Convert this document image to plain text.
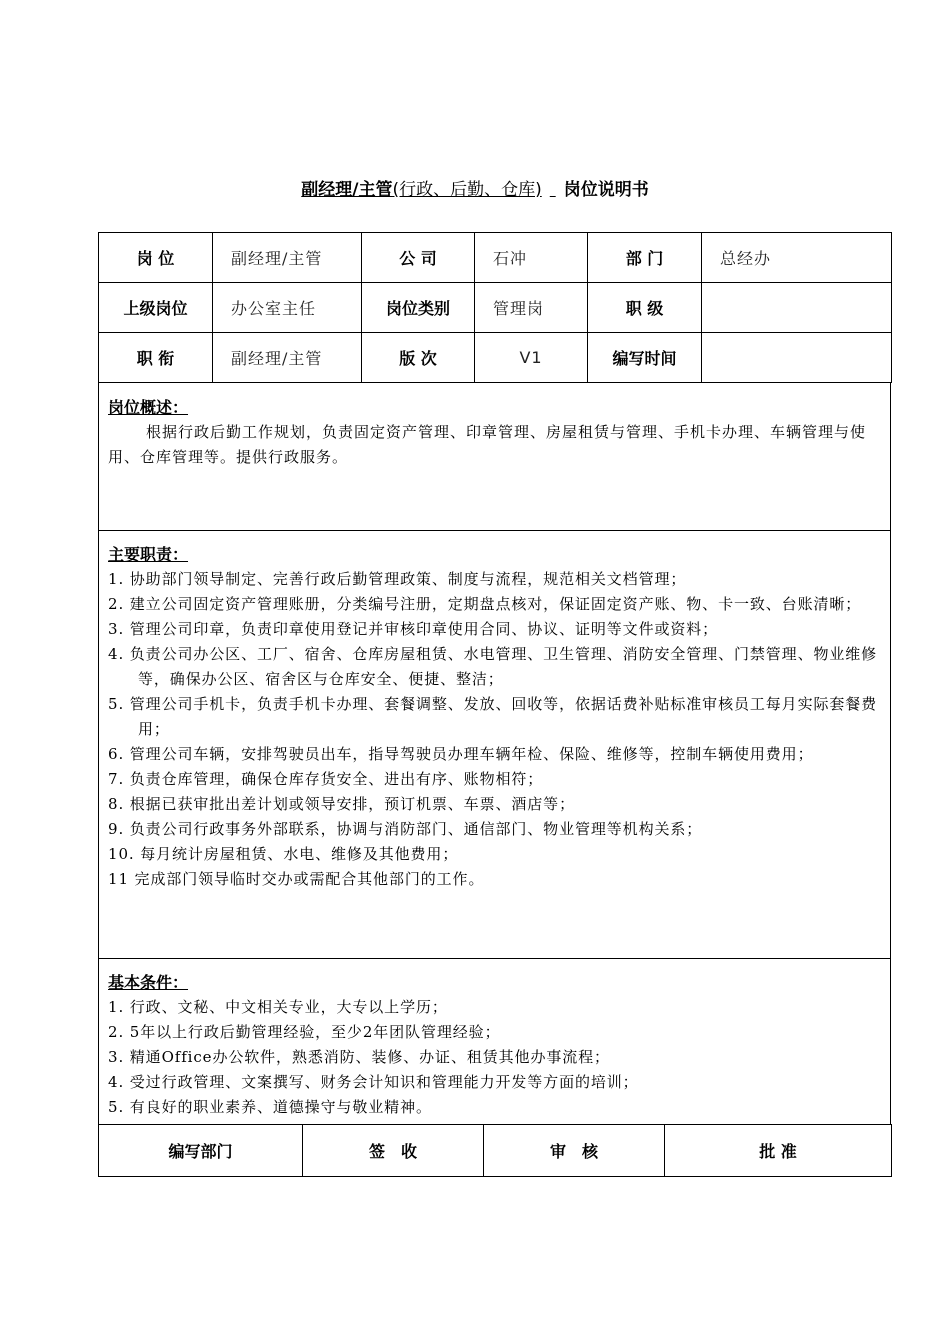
副经理/主管(行政、后勤、仓库) 岗位说明书
岗 位	副经理/主管	公 司	石冲	部 门	总经办
上级岗位	办公室主任	岗位类别	管理岗	职 级	
职 衔	副经理/主管	版 次	V1	编写时间	
岗位概述：
根据行政后勤工作规划，负责固定资产管理、印章管理、房屋租赁与管理、手机卡办理、车辆管理与使用、仓库管理等。提供行政服务。
主要职责：
1. 协助部门领导制定、完善行政后勤管理政策、制度与流程，规范相关文档管理；
2. 建立公司固定资产管理账册，分类编号注册，定期盘点核对，保证固定资产账、物、卡一致、台账清晰；
3. 管理公司印章，负责印章使用登记并审核印章使用合同、协议、证明等文件或资料；
4. 负责公司办公区、工厂、宿舍、仓库房屋租赁、水电管理、卫生管理、消防安全管理、门禁管理、物业维修等，确保办公区、宿舍区与仓库安全、便捷、整洁；
5. 管理公司手机卡，负责手机卡办理、套餐调整、发放、回收等，依据话费补贴标准审核员工每月实际套餐费用；
6. 管理公司车辆，安排驾驶员出车，指导驾驶员办理车辆年检、保险、维修等，控制车辆使用费用；
7. 负责仓库管理，确保仓库存货安全、进出有序、账物相符；
8. 根据已获审批出差计划或领导安排，预订机票、车票、酒店等；
9. 负责公司行政事务外部联系，协调与消防部门、通信部门、物业管理等机构关系；
10. 每月统计房屋租赁、水电、维修及其他费用；
11 完成部门领导临时交办或需配合其他部门的工作。
基本条件：
1. 行政、文秘、中文相关专业，大专以上学历；
2. 5年以上行政后勤管理经验，至少2年团队管理经验；
3. 精通Office办公软件，熟悉消防、装修、办证、租赁其他办事流程；
4. 受过行政管理、文案撰写、财务会计知识和管理能力开发等方面的培训；
5. 有良好的职业素养、道德操守与敬业精神。
编写部门	签　收	审　核	批 准
